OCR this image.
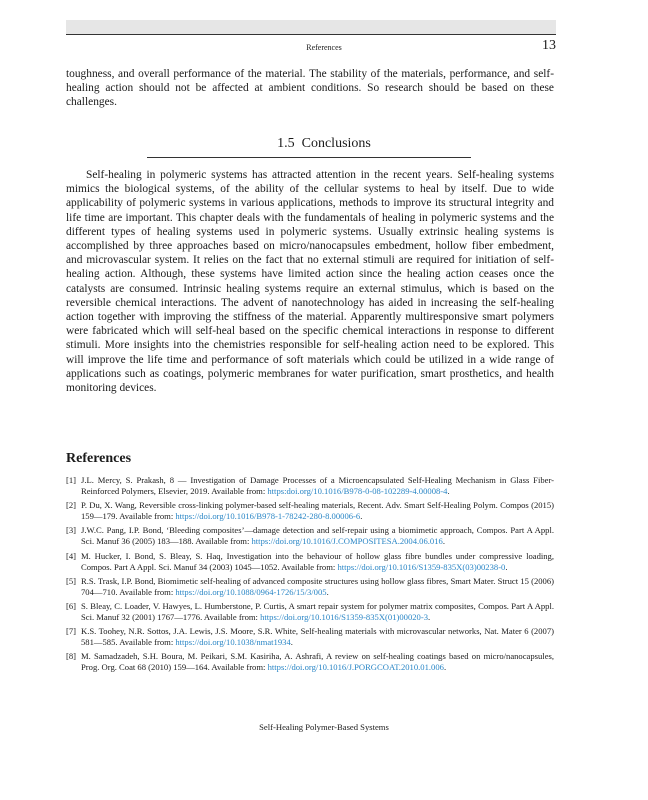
References	13

toughness, and overall performance of the material. The stability of the materials, performance, and self-healing action should not be affected at ambient conditions. So research should be based on these challenges.

1.5 Conclusions

Self-healing in polymeric systems has attracted attention in the recent years. Self-healing systems mimics the biological systems, of the ability of the cellular systems to heal by itself. Due to wide applicability of polymeric systems in various applications, methods to improve its structural integrity and life time are important. This chapter deals with the fundamentals of healing in polymeric systems and the different types of healing systems used in polymeric systems. Usually extrinsic healing systems is accomplished by three approaches based on micro/nanocapsules embedment, hollow fiber embedment, and microvascular system. It relies on the fact that no external stimuli are required for initiation of self-healing action. Although, these systems have limited action since the healing action ceases once the catalysts are consumed. Intrinsic healing systems require an external stimulus, which is based on the reversible chemical interactions. The advent of nanotechnology has aided in increasing the self-healing action together with improving the stiffness of the material. Apparently multiresponsive smart polymers were fabricated which will self-heal based on the specific chemical interactions in response to different stimuli. More insights into the chemistries responsible for self-healing action need to be explored. This will improve the life time and performance of soft materials which could be utilized in a wide range of applications such as coatings, polymeric membranes for water purification, smart prosthetics, and health monitoring devices.

References
[1] J.L. Mercy, S. Prakash, 8 — Investigation of Damage Processes of a Microencapsulated Self-Healing Mechanism in Glass Fiber-Reinforced Polymers, Elsevier, 2019. Available from: https:doi.org/10.1016/B978-0-08-102289-4.00008-4.
[2] P. Du, X. Wang, Reversible cross-linking polymer-based self-healing materials, Recent. Adv. Smart Self-Healing Polym. Compos (2015) 159—179. Available from: https://doi.org/10.1016/B978-1-78242-280-8.00006-6.
[3] J.W.C. Pang, I.P. Bond, ‘Bleeding composites’—damage detection and self-repair using a biomimetic approach, Compos. Part A Appl. Sci. Manuf 36 (2005) 183—188. Available from: https://doi.org/10.1016/J.COMPOSITESA.2004.06.016.
[4] M. Hucker, I. Bond, S. Bleay, S. Haq, Investigation into the behaviour of hollow glass fibre bundles under compressive loading, Compos. Part A Appl. Sci. Manuf 34 (2003) 1045—1052. Available from: https://doi.org/10.1016/S1359-835X(03)00238-0.
[5] R.S. Trask, I.P. Bond, Biomimetic self-healing of advanced composite structures using hollow glass fibres, Smart Mater. Struct 15 (2006) 704—710. Available from: https://doi.org/10.1088/0964-1726/15/3/005.
[6] S. Bleay, C. Loader, V. Hawyes, L. Humberstone, P. Curtis, A smart repair system for polymer matrix composites, Compos. Part A Appl. Sci. Manuf 32 (2001) 1767—1776. Available from: https://doi.org/10.1016/S1359-835X(01)00020-3.
[7] K.S. Toohey, N.R. Sottos, J.A. Lewis, J.S. Moore, S.R. White, Self-healing materials with microvascular networks, Nat. Mater 6 (2007) 581—585. Available from: https://doi.org/10.1038/nmat1934.
[8] M. Samadzadeh, S.H. Boura, M. Peikari, S.M. Kasiriha, A. Ashrafi, A review on self-healing coatings based on micro/nanocapsules, Prog. Org. Coat 68 (2010) 159—164. Available from: https://doi.org/10.1016/J.PORGCOAT.2010.01.006.
Self-Healing Polymer-Based Systems
